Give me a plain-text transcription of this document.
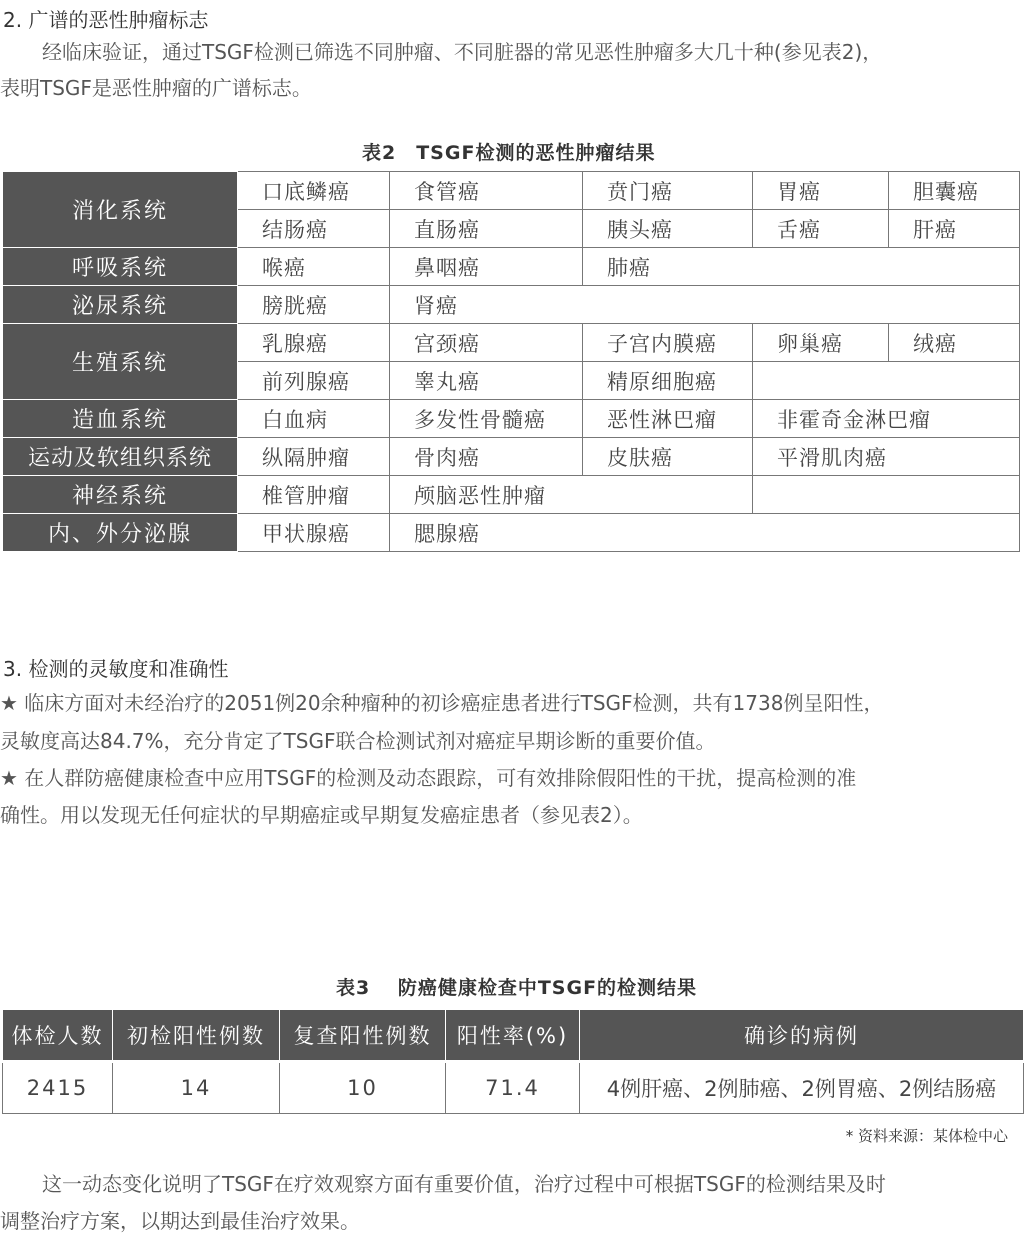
2. 广谱的恶性肿瘤标志
经临床验证，通过TSGF检测已筛选不同肿瘤、不同脏器的常见恶性肿瘤多大几十种(参见表2)，
表明TSGF是恶性肿瘤的广谱标志。
表2　TSGF检测的恶性肿瘤结果
消化系统	口底鳞癌	食管癌	贲门癌	胃癌	胆囊癌
	结肠癌	直肠癌	胰头癌	舌癌	肝癌
呼吸系统	喉癌	鼻咽癌	肺癌		
泌尿系统	膀胱癌	肾癌			
生殖系统	乳腺癌	宫颈癌	子宫内膜癌	卵巢癌	绒癌
	前列腺癌	睾丸癌	精原细胞癌		
造血系统	白血病	多发性骨髓癌	恶性淋巴瘤	非霍奇金淋巴瘤	
运动及软组织系统	纵隔肿瘤	骨肉癌	皮肤癌	平滑肌肉癌	
神经系统	椎管肿瘤	颅脑恶性肿瘤			
内、外分泌腺	甲状腺癌	腮腺癌			
3. 检测的灵敏度和准确性
★ 临床方面对未经治疗的2051例20余种瘤种的初诊癌症患者进行TSGF检测，共有1738例呈阳性，
灵敏度高达84.7%，充分肯定了TSGF联合检测试剂对癌症早期诊断的重要价值。
★ 在人群防癌健康检查中应用TSGF的检测及动态跟踪，可有效排除假阳性的干扰，提高检测的准
确性。用以发现无任何症状的早期癌症或早期复发癌症患者（参见表2）。
表3　 防癌健康检查中TSGF的检测结果
体检人数	初检阳性例数	复查阳性例数	阳性率(%)	确诊的病例
2415	14	10	71.4	4例肝癌、2例肺癌、2例胃癌、2例结肠癌
* 资料来源：某体检中心
这一动态变化说明了TSGF在疗效观察方面有重要价值，治疗过程中可根据TSGF的检测结果及时
调整治疗方案，以期达到最佳治疗效果。
